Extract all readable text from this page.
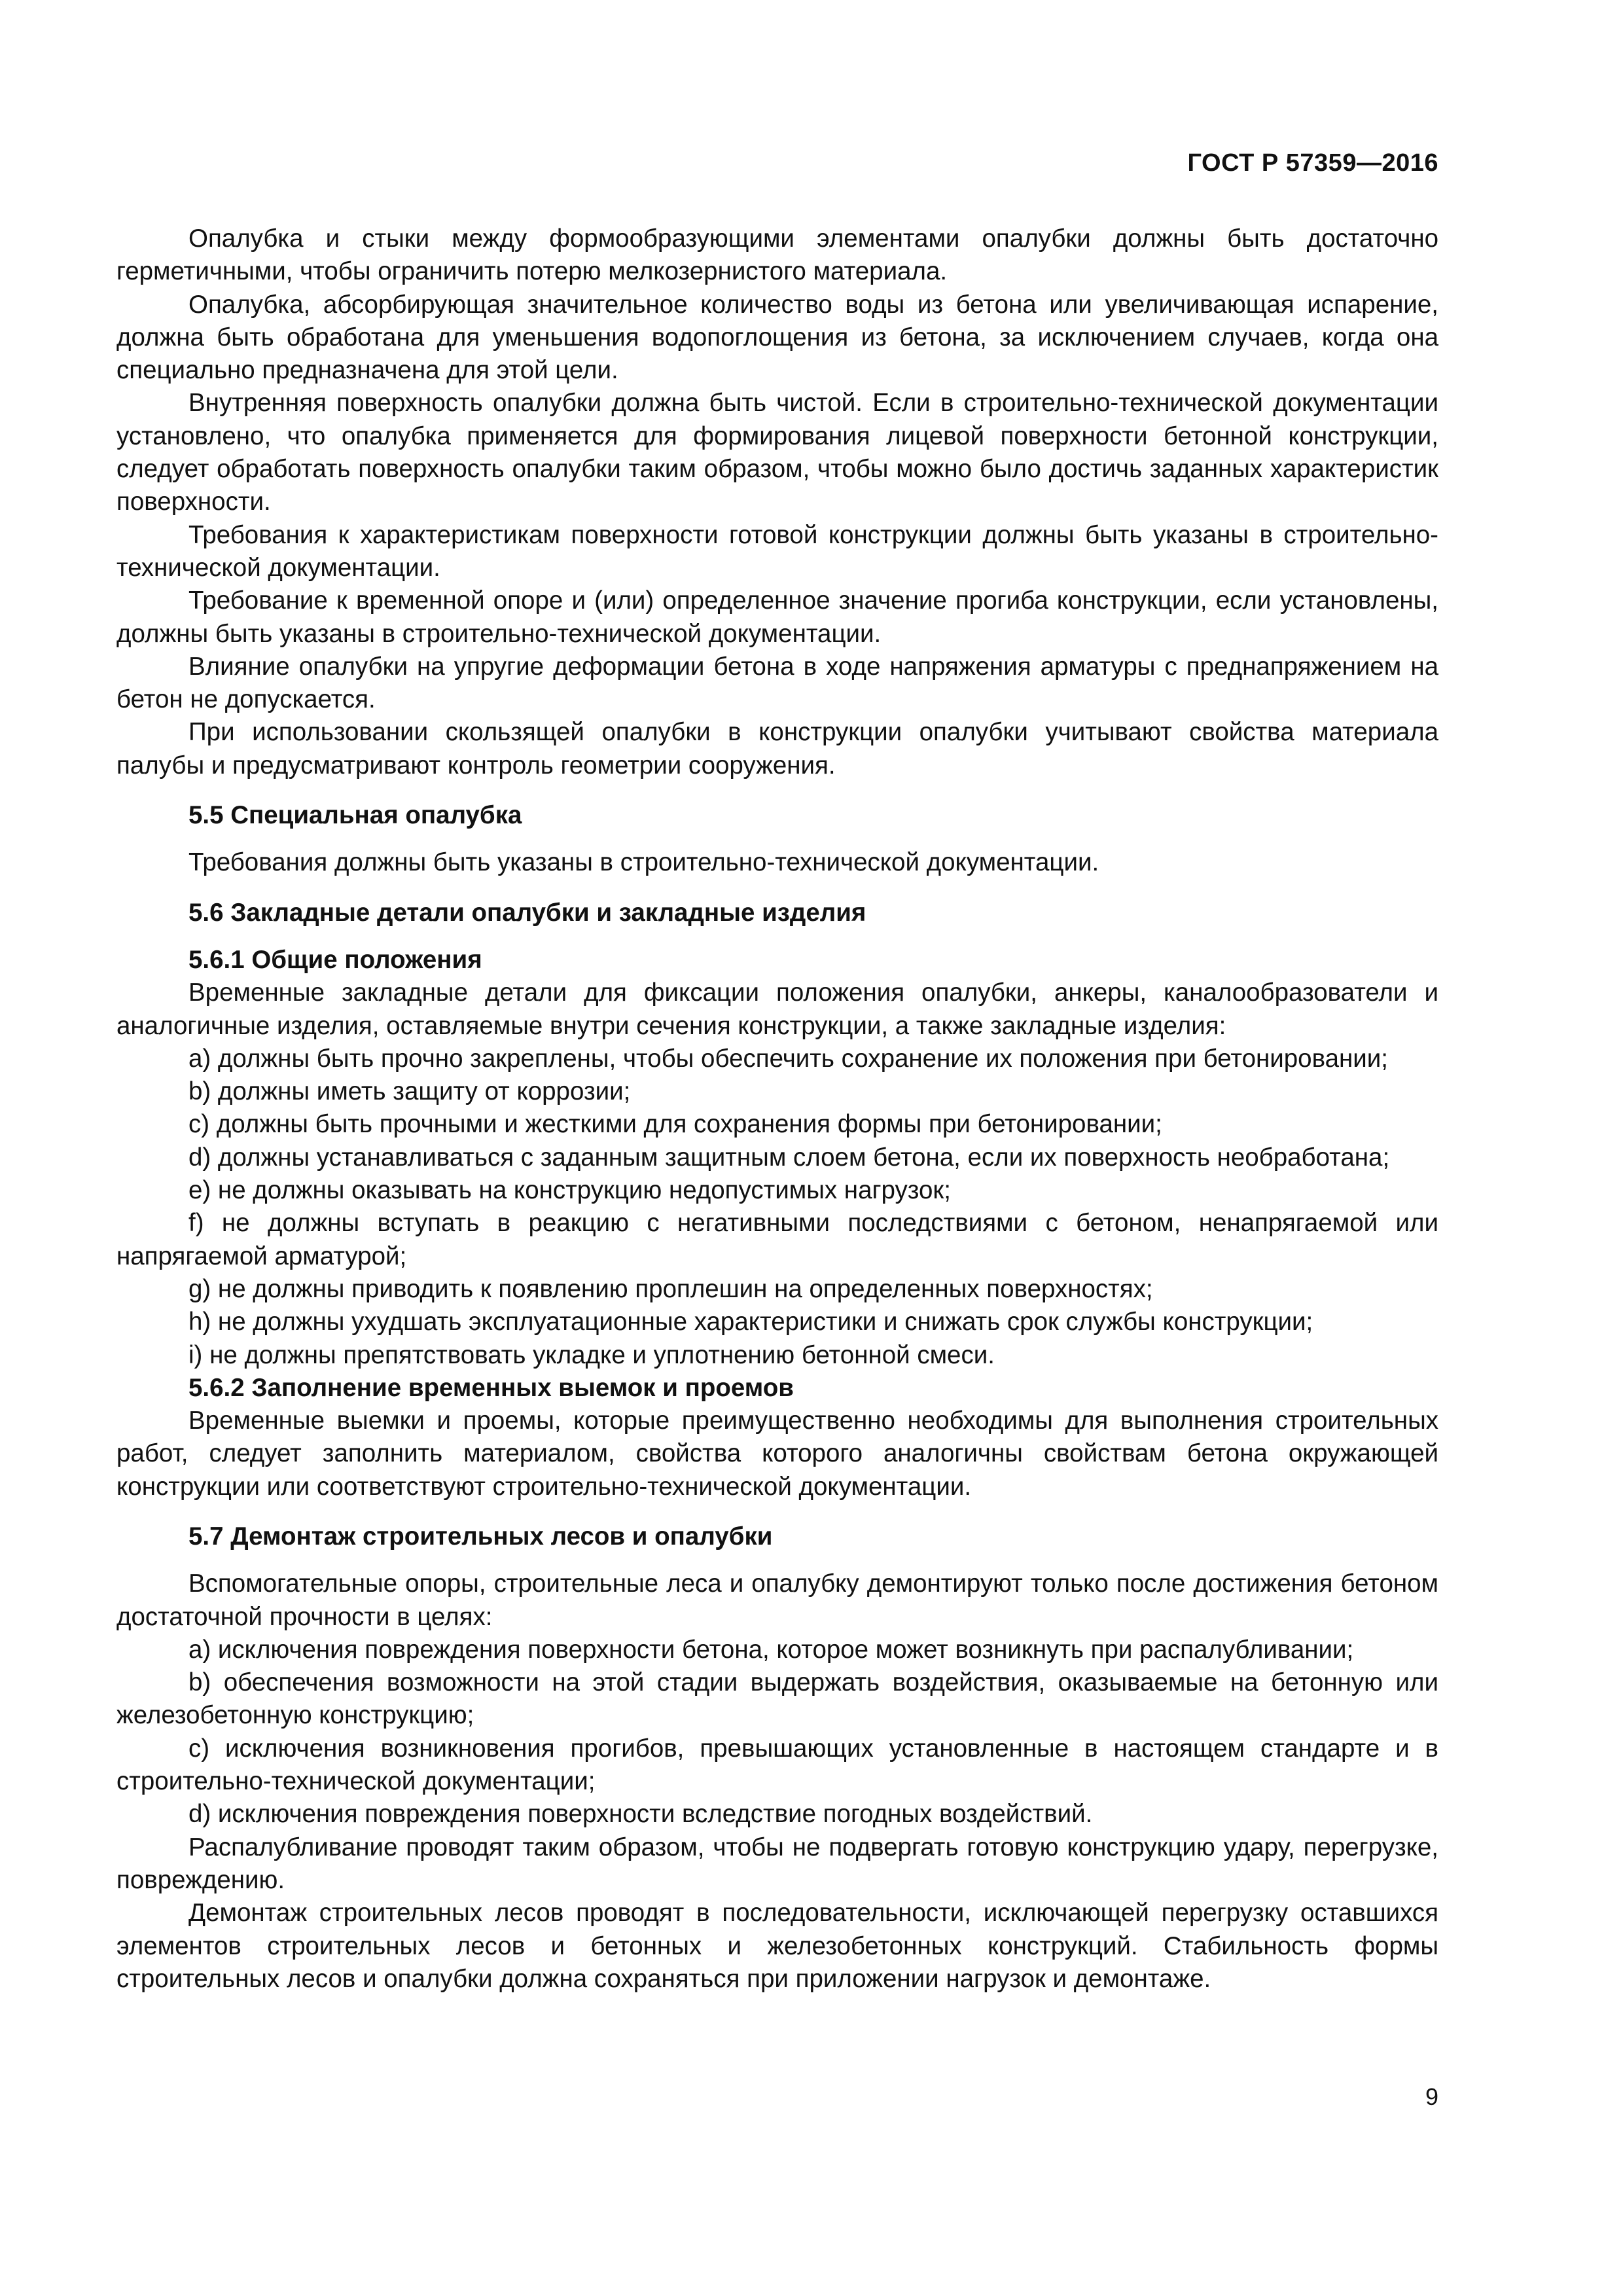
ГОСТ Р 57359—2016

Опалубка и стыки между формообразующими элементами опалубки должны быть достаточно герметичными, чтобы ограничить потерю мелкозернистого материала.

Опалубка, абсорбирующая значительное количество воды из бетона или увеличивающая испарение, должна быть обработана для уменьшения водопоглощения из бетона, за исключением случаев, когда она специально предназначена для этой цели.

Внутренняя поверхность опалубки должна быть чистой. Если в строительно-технической документации установлено, что опалубка применяется для формирования лицевой поверхности бетонной конструкции, следует обработать поверхность опалубки таким образом, чтобы можно было достичь заданных характеристик поверхности.

Требования к характеристикам поверхности готовой конструкции должны быть указаны в строительно-технической документации.

Требование к временной опоре и (или) определенное значение прогиба конструкции, если установлены, должны быть указаны в строительно-технической документации.

Влияние опалубки на упругие деформации бетона в ходе напряжения арматуры с преднапряжением на бетон не допускается.

При использовании скользящей опалубки в конструкции опалубки учитывают свойства материала палубы и предусматривают контроль геометрии сооружения.

5.5 Специальная опалубка

Требования должны быть указаны в строительно-технической документации.

5.6 Закладные детали опалубки и закладные изделия
5.6.1 Общие положения

Временные закладные детали для фиксации положения опалубки, анкеры, каналообразователи и аналогичные изделия, оставляемые внутри сечения конструкции, а также закладные изделия:

a) должны быть прочно закреплены, чтобы обеспечить сохранение их положения при бетонировании;

b) должны иметь защиту от коррозии;

c) должны быть прочными и жесткими для сохранения формы при бетонировании;

d) должны устанавливаться с заданным защитным слоем бетона, если их поверхность необработана;

e) не должны оказывать на конструкцию недопустимых нагрузок;

f) не должны вступать в реакцию с негативными последствиями с бетоном, ненапрягаемой или напрягаемой арматурой;

g) не должны приводить к появлению проплешин на определенных поверхностях;

h) не должны ухудшать эксплуатационные характеристики и снижать срок службы конструкции;

i) не должны препятствовать укладке и уплотнению бетонной смеси.

5.6.2 Заполнение временных выемок и проемов

Временные выемки и проемы, которые преимущественно необходимы для выполнения строительных работ, следует заполнить материалом, свойства которого аналогичны свойствам бетона окружающей конструкции или соответствуют строительно-технической документации.

5.7 Демонтаж строительных лесов и опалубки

Вспомогательные опоры, строительные леса и опалубку демонтируют только после достижения бетоном достаточной прочности в целях:

a) исключения повреждения поверхности бетона, которое может возникнуть при распалубливании;

b) обеспечения возможности на этой стадии выдержать воздействия, оказываемые на бетонную или железобетонную конструкцию;

c) исключения возникновения прогибов, превышающих установленные в настоящем стандарте и в строительно-технической документации;

d) исключения повреждения поверхности вследствие погодных воздействий.

Распалубливание проводят таким образом, чтобы не подвергать готовую конструкцию удару, перегрузке, повреждению.

Демонтаж строительных лесов проводят в последовательности, исключающей перегрузку оставшихся элементов строительных лесов и бетонных и железобетонных конструкций. Стабильность формы строительных лесов и опалубки должна сохраняться при приложении нагрузок и демонтаже.

9
